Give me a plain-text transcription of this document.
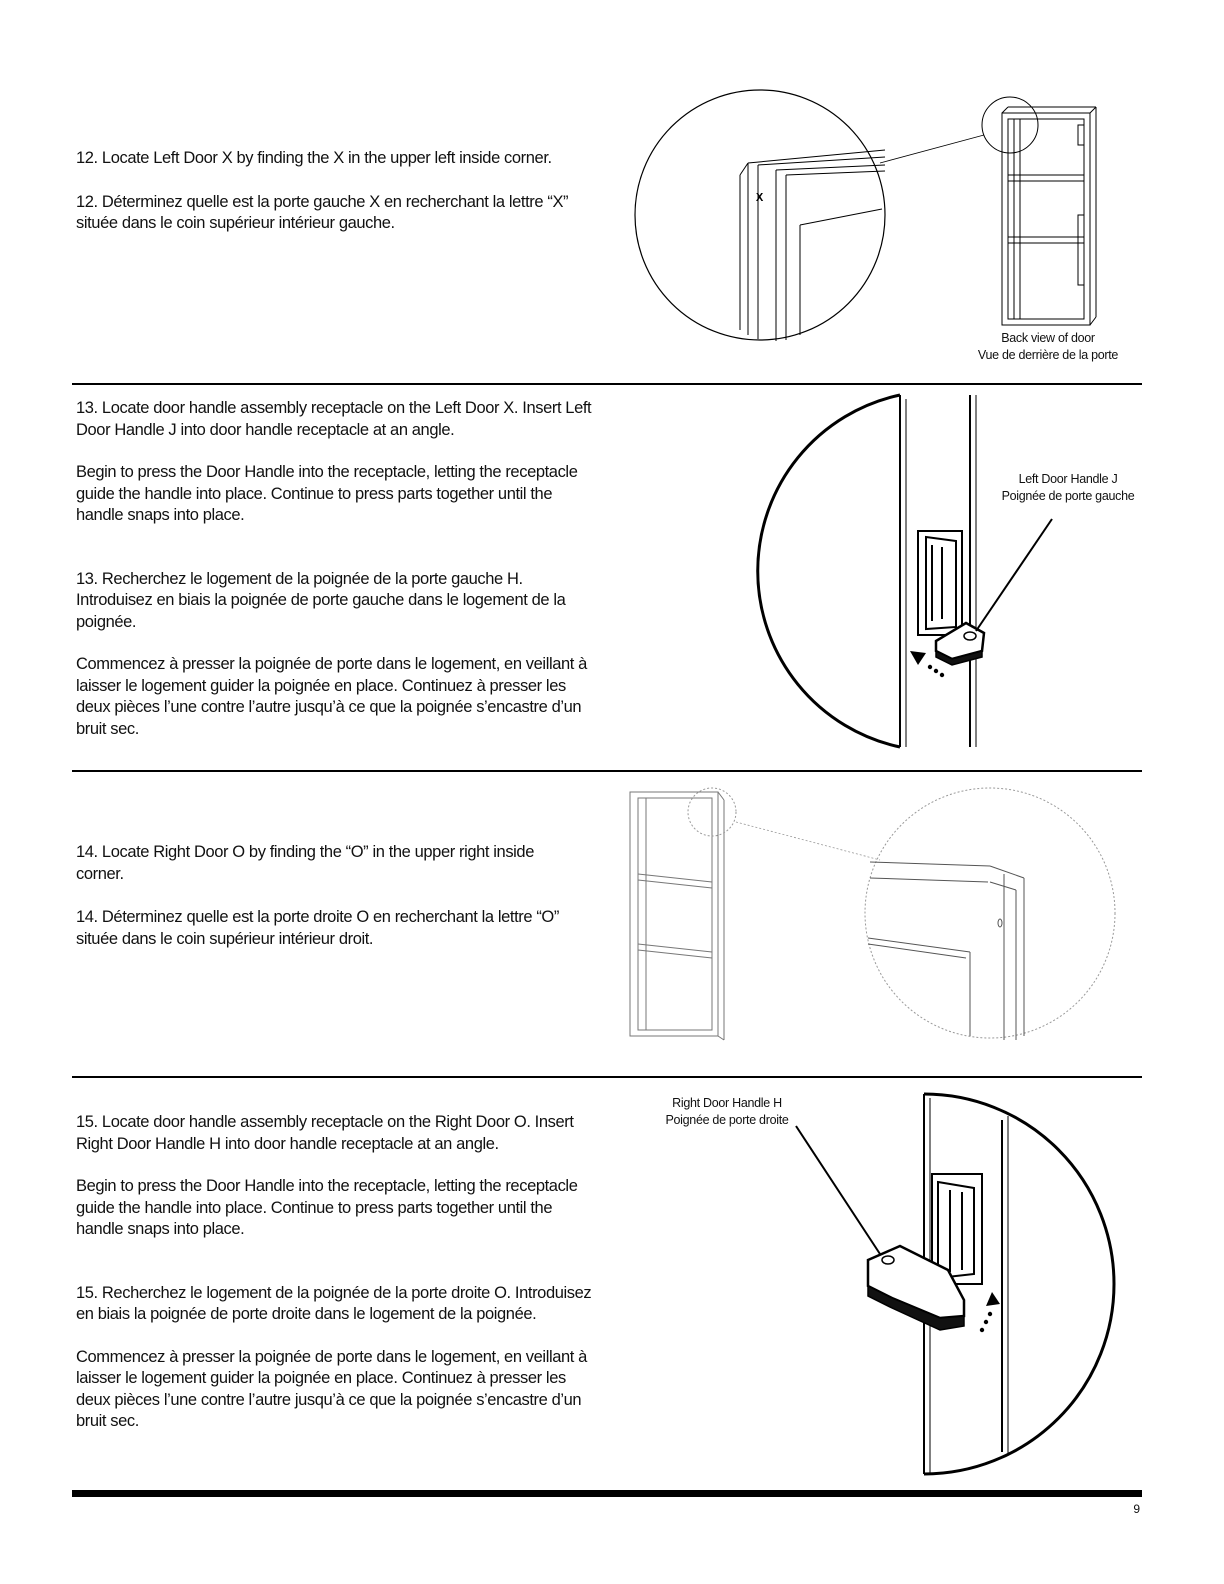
12. Locate Left Door X by finding the X in the upper left inside corner.

12. Déterminez quelle est la porte gauche X en recherchant la lettre “X” située dans le coin supérieur intérieur gauche.

X
Back view of door
Vue de derrière de la porte

13. Locate door handle assembly receptacle on the Left Door X. Insert Left Door Handle J into door handle receptacle at an angle.

Begin to press the Door Handle into the receptacle, letting the receptacle guide the handle into place. Continue to press parts together until the handle snaps into place.

13. Recherchez le logement de la poignée de la porte gauche H. Introduisez en biais la poignée de porte gauche dans le logement de la poignée.

Commencez à presser la poignée de porte dans le logement, en veillant à laisser le logement guider la poignée en place. Continuez à presser les deux pièces l’une contre l’autre jusqu’à ce que la poignée s’encastre d’un bruit sec.

Left Door Handle J
Poignée de porte gauche

14. Locate Right Door O by finding the “O” in the upper right inside corner.

14. Déterminez quelle est la porte droite O en recherchant la lettre “O” située dans le coin supérieur intérieur droit.

15. Locate door handle assembly receptacle on the Right Door O. Insert Right Door Handle H into door handle receptacle at an angle.

Begin to press the Door Handle into the receptacle, letting the receptacle guide the handle into place. Continue to press parts together until the handle snaps into place.

15. Recherchez le logement de la poignée de la porte droite O. Introduisez en biais la poignée de porte droite dans le logement de la poignée.

Commencez à presser la poignée de porte dans le logement, en veillant à laisser le logement guider la poignée en place. Continuez à presser les deux pièces l’une contre l’autre jusqu’à ce que la poignée s’encastre d’un bruit sec.

Right Door Handle H
Poignée de porte droite
9
